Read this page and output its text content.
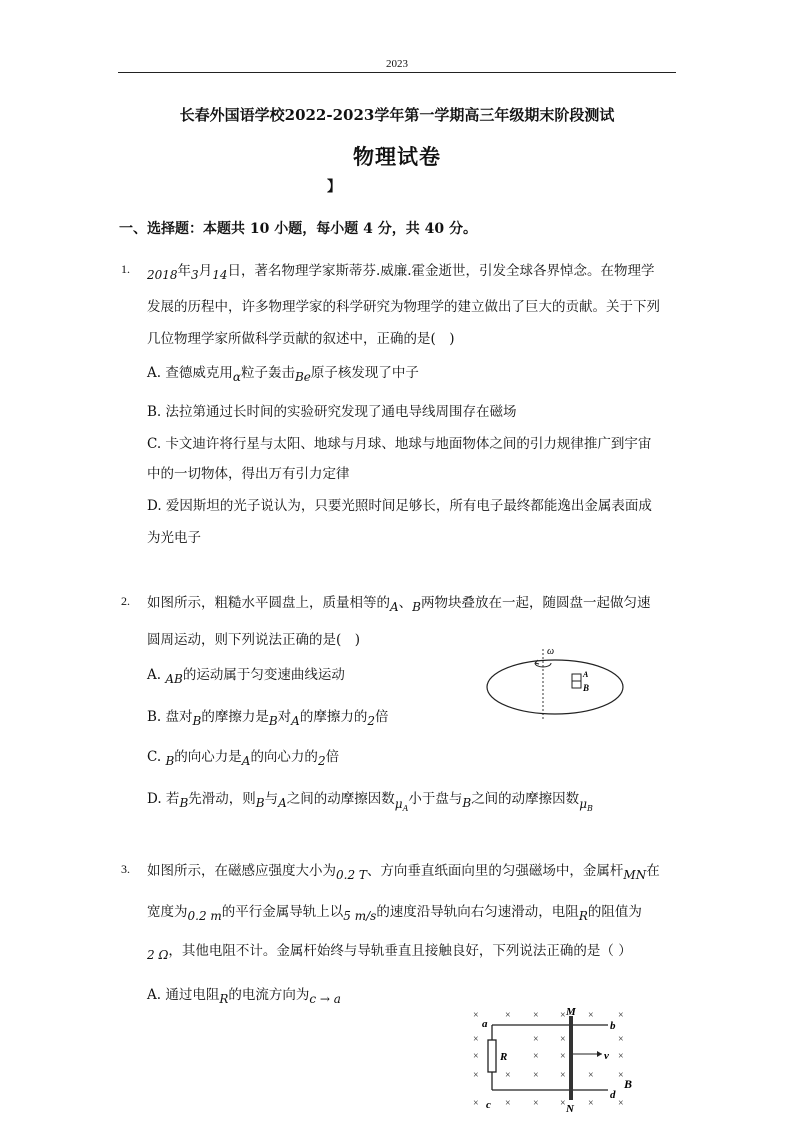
2023
长春外国语学校2022-2023学年第一学期高三年级期末阶段测试
物理试卷
】
一、选择题：本题共 10 小题，每小题 4 分，共 40 分。
1. 2018年3月14日，著名物理学家斯蒂芬.威廉.霍金逝世，引发全球各界悼念。在物理学
发展的历程中，许多物理学家的科学研究为物理学的建立做出了巨大的贡献。关于下列
几位物理学家所做科学贡献的叙述中，正确的是(　)
A. 查德威克用α粒子轰击Be原子核发现了中子
B. 法拉第通过长时间的实验研究发现了通电导线周围存在磁场
C. 卡文迪许将行星与太阳、地球与月球、地球与地面物体之间的引力规律推广到宇宙
中的一切物体，得出万有引力定律
D. 爱因斯坦的光子说认为，只要光照时间足够长，所有电子最终都能逸出金属表面成
为光电子
2. 如图所示，粗糙水平圆盘上，质量相等的A、B两物块叠放在一起，随圆盘一起做匀速
圆周运动，则下列说法正确的是(　)
A. AB的运动属于匀变速曲线运动
B. 盘对B的摩擦力是B对A的摩擦力的2倍
C. B的向心力是A的向心力的2倍
D. 若B先滑动，则B与A之间的动摩擦因数$\mu_A$小于盘与B之间的动摩擦因数$\mu_B$
ω
A
B
3. 如图所示，在磁感应强度大小为0.2 T、方向垂直纸面向里的匀强磁场中，金属杆MN在
宽度为0.2 m的平行金属导轨上以5 m/s的速度沿导轨向右匀速滑动，电阻R的阻值为
2 Ω，其他电阻不计。金属杆始终与导轨垂直且接触良好，下列说法正确的是（ ）
A. 通过电阻R的电流方向为c → a
×	× × × × ×
×	× ×	×
×	× ×	×
×	× × × × ×
×	× × × × ×
a	b
c
d
M
N
R	v
B
